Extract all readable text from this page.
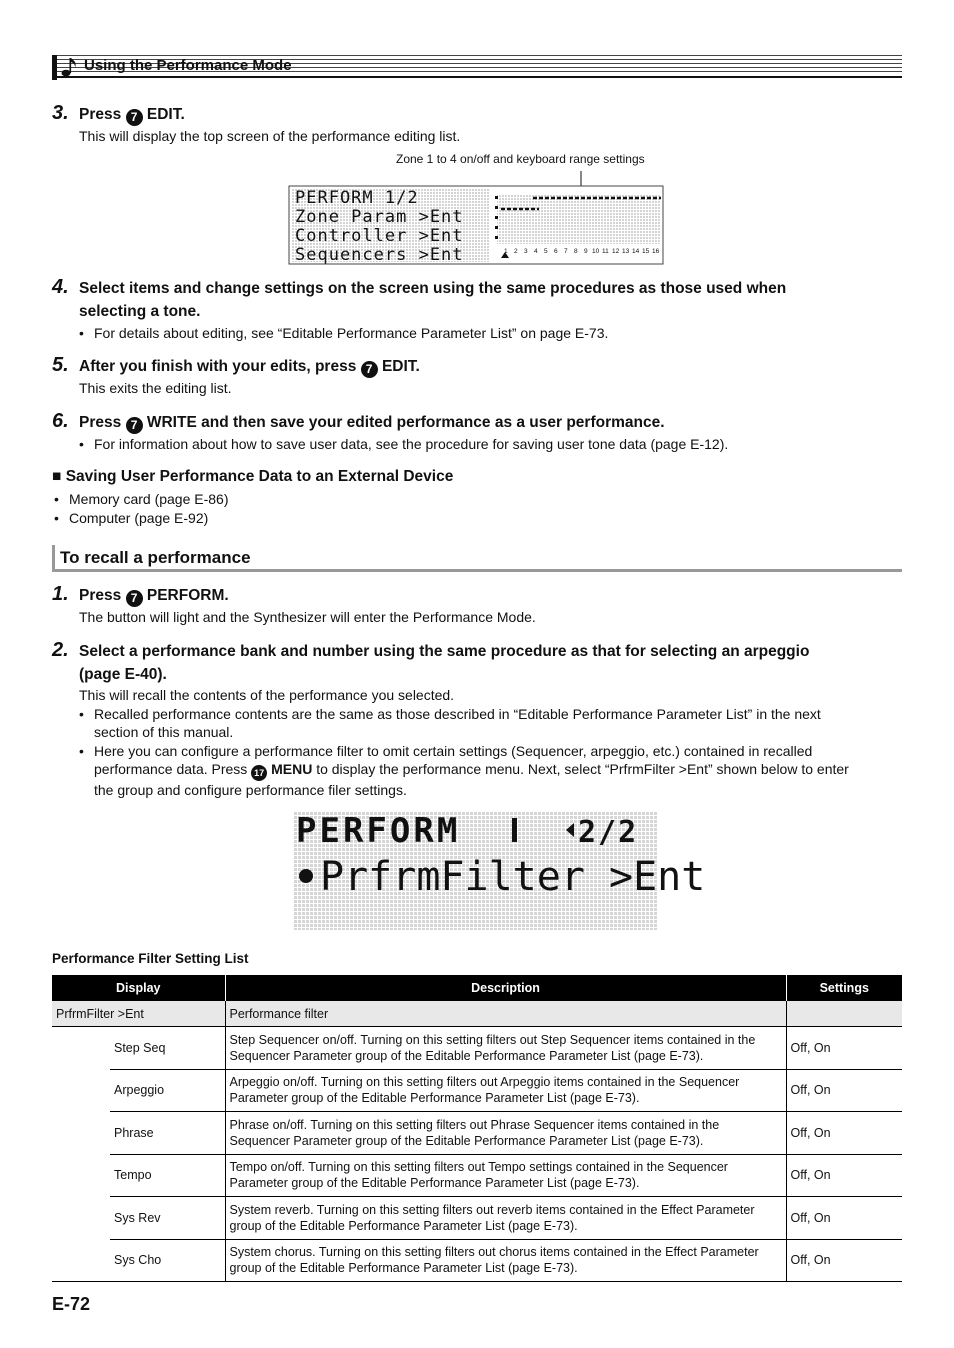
Using the Performance Mode
3. Press 7 EDIT.
This will display the top screen of the performance editing list.
Zone 1 to 4 on/off and keyboard range settings
PERFORM 1/2
Zone Param >Ent
Controller >Ent
Sequencers >Ent	1 2 3 4 5 6 7 8 9 10 11 12 13 14 15 16
4. Select items and change settings on the screen using the same procedures as those used when
selecting a tone.
• For details about editing, see “Editable Performance Parameter List” on page E-73.
5. After you finish with your edits, press 7 EDIT.
This exits the editing list.
6. Press 7 WRITE and then save your edited performance as a user performance.
• For information about how to save user data, see the procedure for saving user tone data (page E-12).
■ Saving User Performance Data to an External Device
• Memory card (page E-86)
• Computer (page E-92)
To recall a performance
1. Press 7 PERFORM.
The button will light and the Synthesizer will enter the Performance Mode.
2. Select a performance bank and number using the same procedure as that for selecting an arpeggio
(page E-40).
This will recall the contents of the performance you selected.
• Recalled performance contents are the same as those described in “Editable Performance Parameter List” in the next
section of this manual.
• Here you can configure a performance filter to omit certain settings (Sequencer, arpeggio, etc.) contained in recalled
performance data. Press 17 MENU to display the performance menu. Next, select “PrfrmFilter >Ent” shown below to enter
the group and configure performance filer settings.
PERFORM	2/2
PrfrmFilter >Ent
Performance Filter Setting List
Display		Description	Settings
PrfrmFilter >Ent		Performance filter	
	Step Seq	Step Sequencer on/off. Turning on this setting filters out Step Sequencer items contained in the
Sequencer Parameter group of the Editable Performance Parameter List (page E-73).	Off, On
	Arpeggio	Arpeggio on/off. Turning on this setting filters out Arpeggio items contained in the Sequencer
Parameter group of the Editable Performance Parameter List (page E-73).	Off, On
	Phrase	Phrase on/off. Turning on this setting filters out Phrase Sequencer items contained in the
Sequencer Parameter group of the Editable Performance Parameter List (page E-73).	Off, On
	Tempo	Tempo on/off. Turning on this setting filters out Tempo settings contained in the Sequencer
Parameter group of the Editable Performance Parameter List (page E-73).	Off, On
	Sys Rev	System reverb. Turning on this setting filters out reverb items contained in the Effect Parameter
group of the Editable Performance Parameter List (page E-73).	Off, On
	Sys Cho	System chorus. Turning on this setting filters out chorus items contained in the Effect Parameter
group of the Editable Performance Parameter List (page E-73).	Off, On
E-72
